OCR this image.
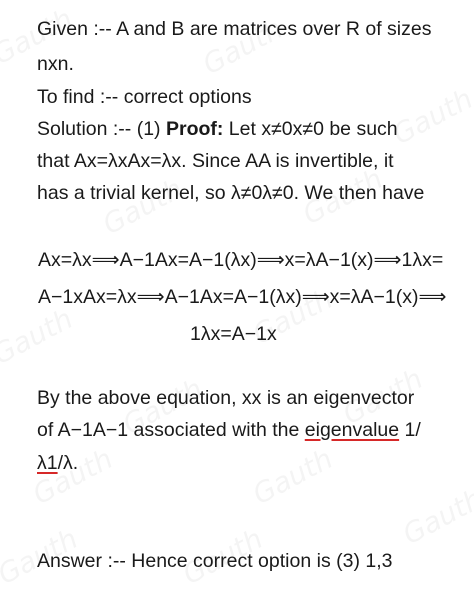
Given :-- A and B are matrices over R of sizes
nxn.
To find :-- correct options
Solution :-- (1) Proof: Let x≠0x≠0 be such
that Ax=λxAx=λx. Since AA is invertible, it
has a trivial kernel, so λ≠0λ≠0. We then have
Ax=λx⟹A−1Ax=A−1(λx)⟹x=λA−1(x)⟹1λx=
A−1xAx=λx⟹A−1Ax=A−1(λx)⟹x=λA−1(x)⟹
1λx=A−1x
By the above equation, xx is an eigenvector
of A−1A−1 associated with the eigenvalue 1/
λ1/λ.
Answer :-- Hence correct option is (3) 1,3
